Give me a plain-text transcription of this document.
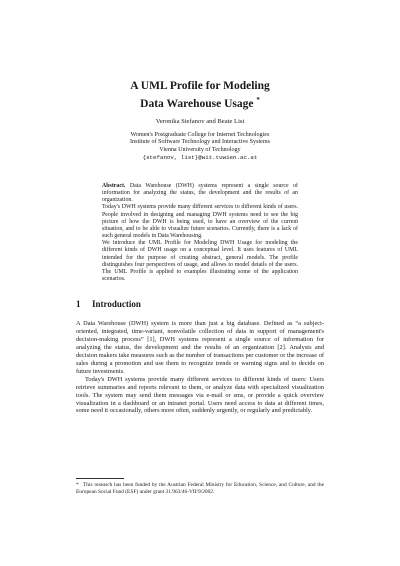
A UML Profile for Modeling
Data Warehouse Usage *
Veronika Stefanov and Beate List
Women's Postgraduate College for Internet Technologies
Institute of Software Technology and Interactive Systems
Vienna University of Technology
{stefanov, list}@wit.tuwien.ac.at

Abstract. Data Warehouse (DWH) systems represent a single source of information for analyzing the status, the development and the results of an organization.

Today's DWH systems provide many different services to different kinds of users. People involved in designing and managing DWH systems need to see the big picture of how the DWH is being used, to have an overview of the current situation, and to be able to visualize future scenarios. Currently, there is a lack of such general models in Data Warehousing.

We introduce the UML Profile for Modeling DWH Usage for modeling the different kinds of DWH usage on a conceptual level. It uses features of UML intended for the purpose of creating abstract, general models. The profile distinguishes four perspectives of usage, and allows to model details of the users. The UML Profile is applied to examples illustrating some of the application scenarios.

1 Introduction

A Data Warehouse (DWH) system is more than just a big database. Defined as “a subject-oriented, integrated, time-variant, nonvolatile collection of data in support of management's decision-making process” [1], DWH systems represent a single source of information for analyzing the status, the development and the results of an organization [2]. Analysts and decision makers take measures such as the number of transactions per customer or the increase of sales during a promotion and use them to recognize trends or warning signs and to decide on future investments.

Today's DWH systems provide many different services to different kinds of users: Users retrieve summaries and reports relevant to them, or analyze data with specialized visualization tools. The system may send them messages via e-mail or sms, or provide a quick overview visualization in a dashboard or an intranet portal. Users need access to data at different times, some need it occasionally, others more often, suddenly urgently, or regularly and predictably.

* This research has been funded by the Austrian Federal Ministry for Education, Science, and Culture, and the European Social Fund (ESF) under grant 31.963/46-VII/9/2002.
